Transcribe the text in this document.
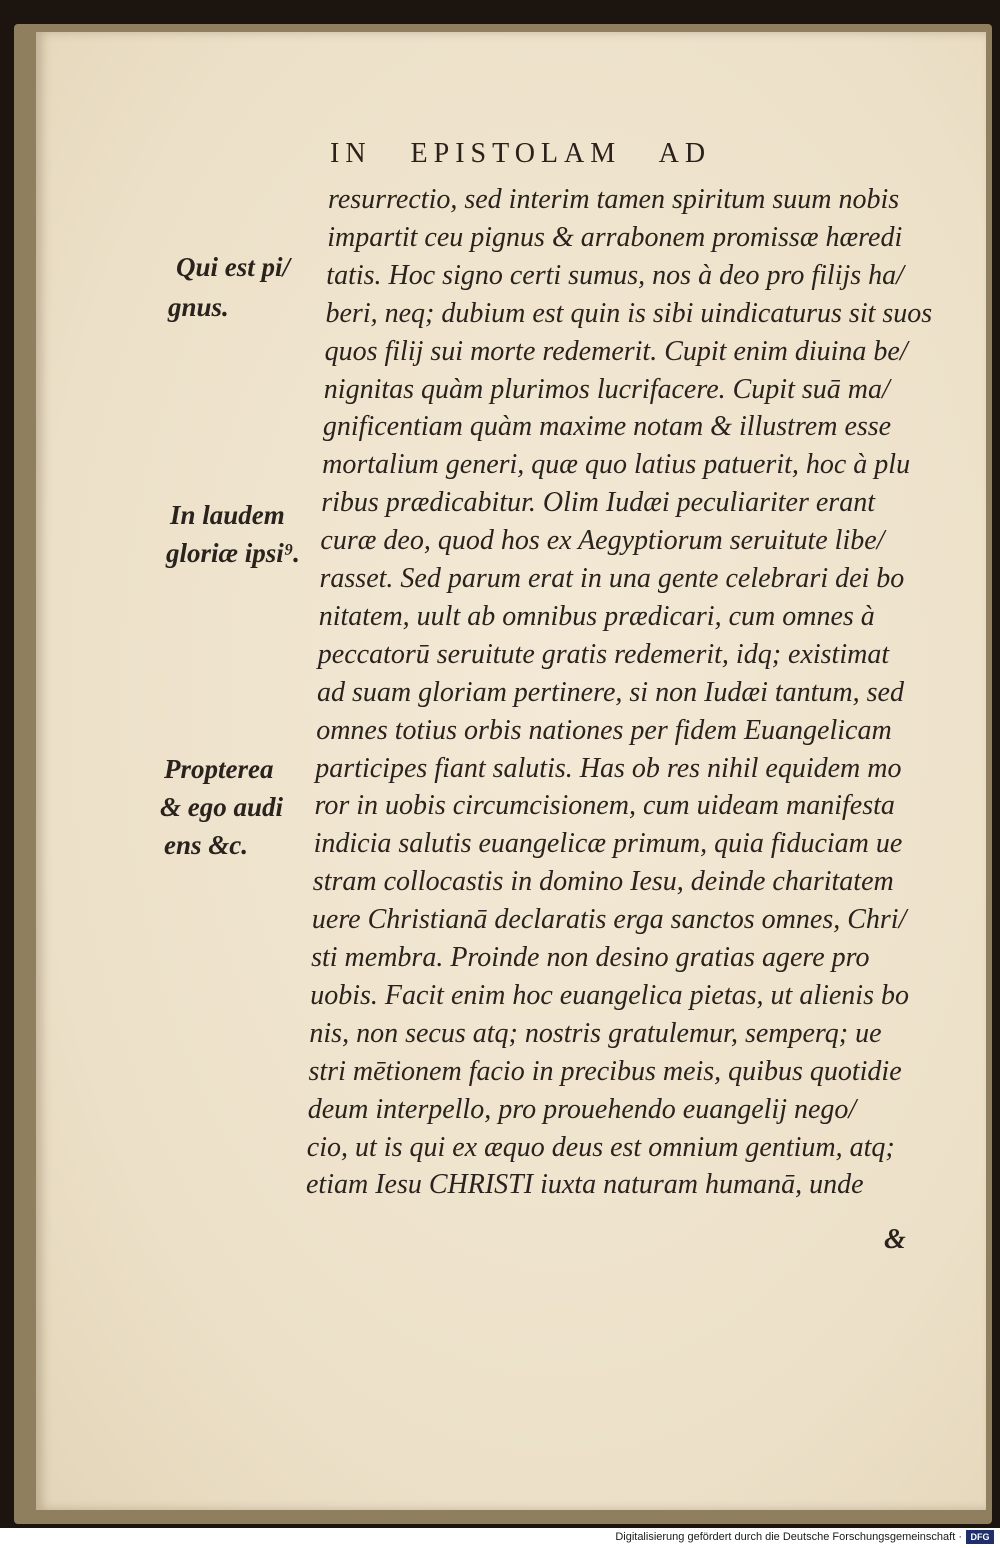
IN   EPISTOLAM   AD
resurrectio, sed interim tamen spiritum suum nobis
impartit ceu pignus & arrabonem promissæ hæredi
tatis. Hoc signo certi sumus, nos à deo pro filijs ha/
beri, neq; dubium est quin is sibi uindicaturus sit suos
quos filij sui morte redemerit. Cupit enim diuina be/
nignitas quàm plurimos lucrifacere. Cupit suā ma/
gnificentiam quàm maxime notam & illustrem esse
mortalium generi, quæ quo latius patuerit, hoc à plu
ribus prædicabitur. Olim Iudæi peculiariter erant
curæ deo, quod hos ex Aegyptiorum seruitute libe/
rasset. Sed parum erat in una gente celebrari dei bo
nitatem, uult ab omnibus prædicari, cum omnes à
peccatorū seruitute gratis redemerit, idq; existimat
ad suam gloriam pertinere, si non Iudæi tantum, sed
omnes totius orbis nationes per fidem Euangelicam
participes fiant salutis. Has ob res nihil equidem mo
ror in uobis circumcisionem, cum uideam manifesta
indicia salutis euangelicæ primum, quia fiduciam ue
stram collocastis in domino Iesu, deinde charitatem
uere Christianā declaratis erga sanctos omnes, Chri/
sti membra. Proinde non desino gratias agere pro
uobis. Facit enim hoc euangelica pietas, ut alienis bo
nis, non secus atq; nostris gratulemur, semperq; ue
stri mētionem facio in precibus meis, quibus quotidie
deum interpello, pro prouehendo euangelij nego/
cio, ut is qui ex æquo deus est omnium gentium, atq;
etiam Iesu CHRISTI iuxta naturam humanā, unde
Qui est pi/
gnus.
In laudem
gloriæ ipsi⁹.
Propterea
& ego audi
ens &c.
&
Digitalisierung gefördert durch die Deutsche Forschungsgemeinschaft · DFG
